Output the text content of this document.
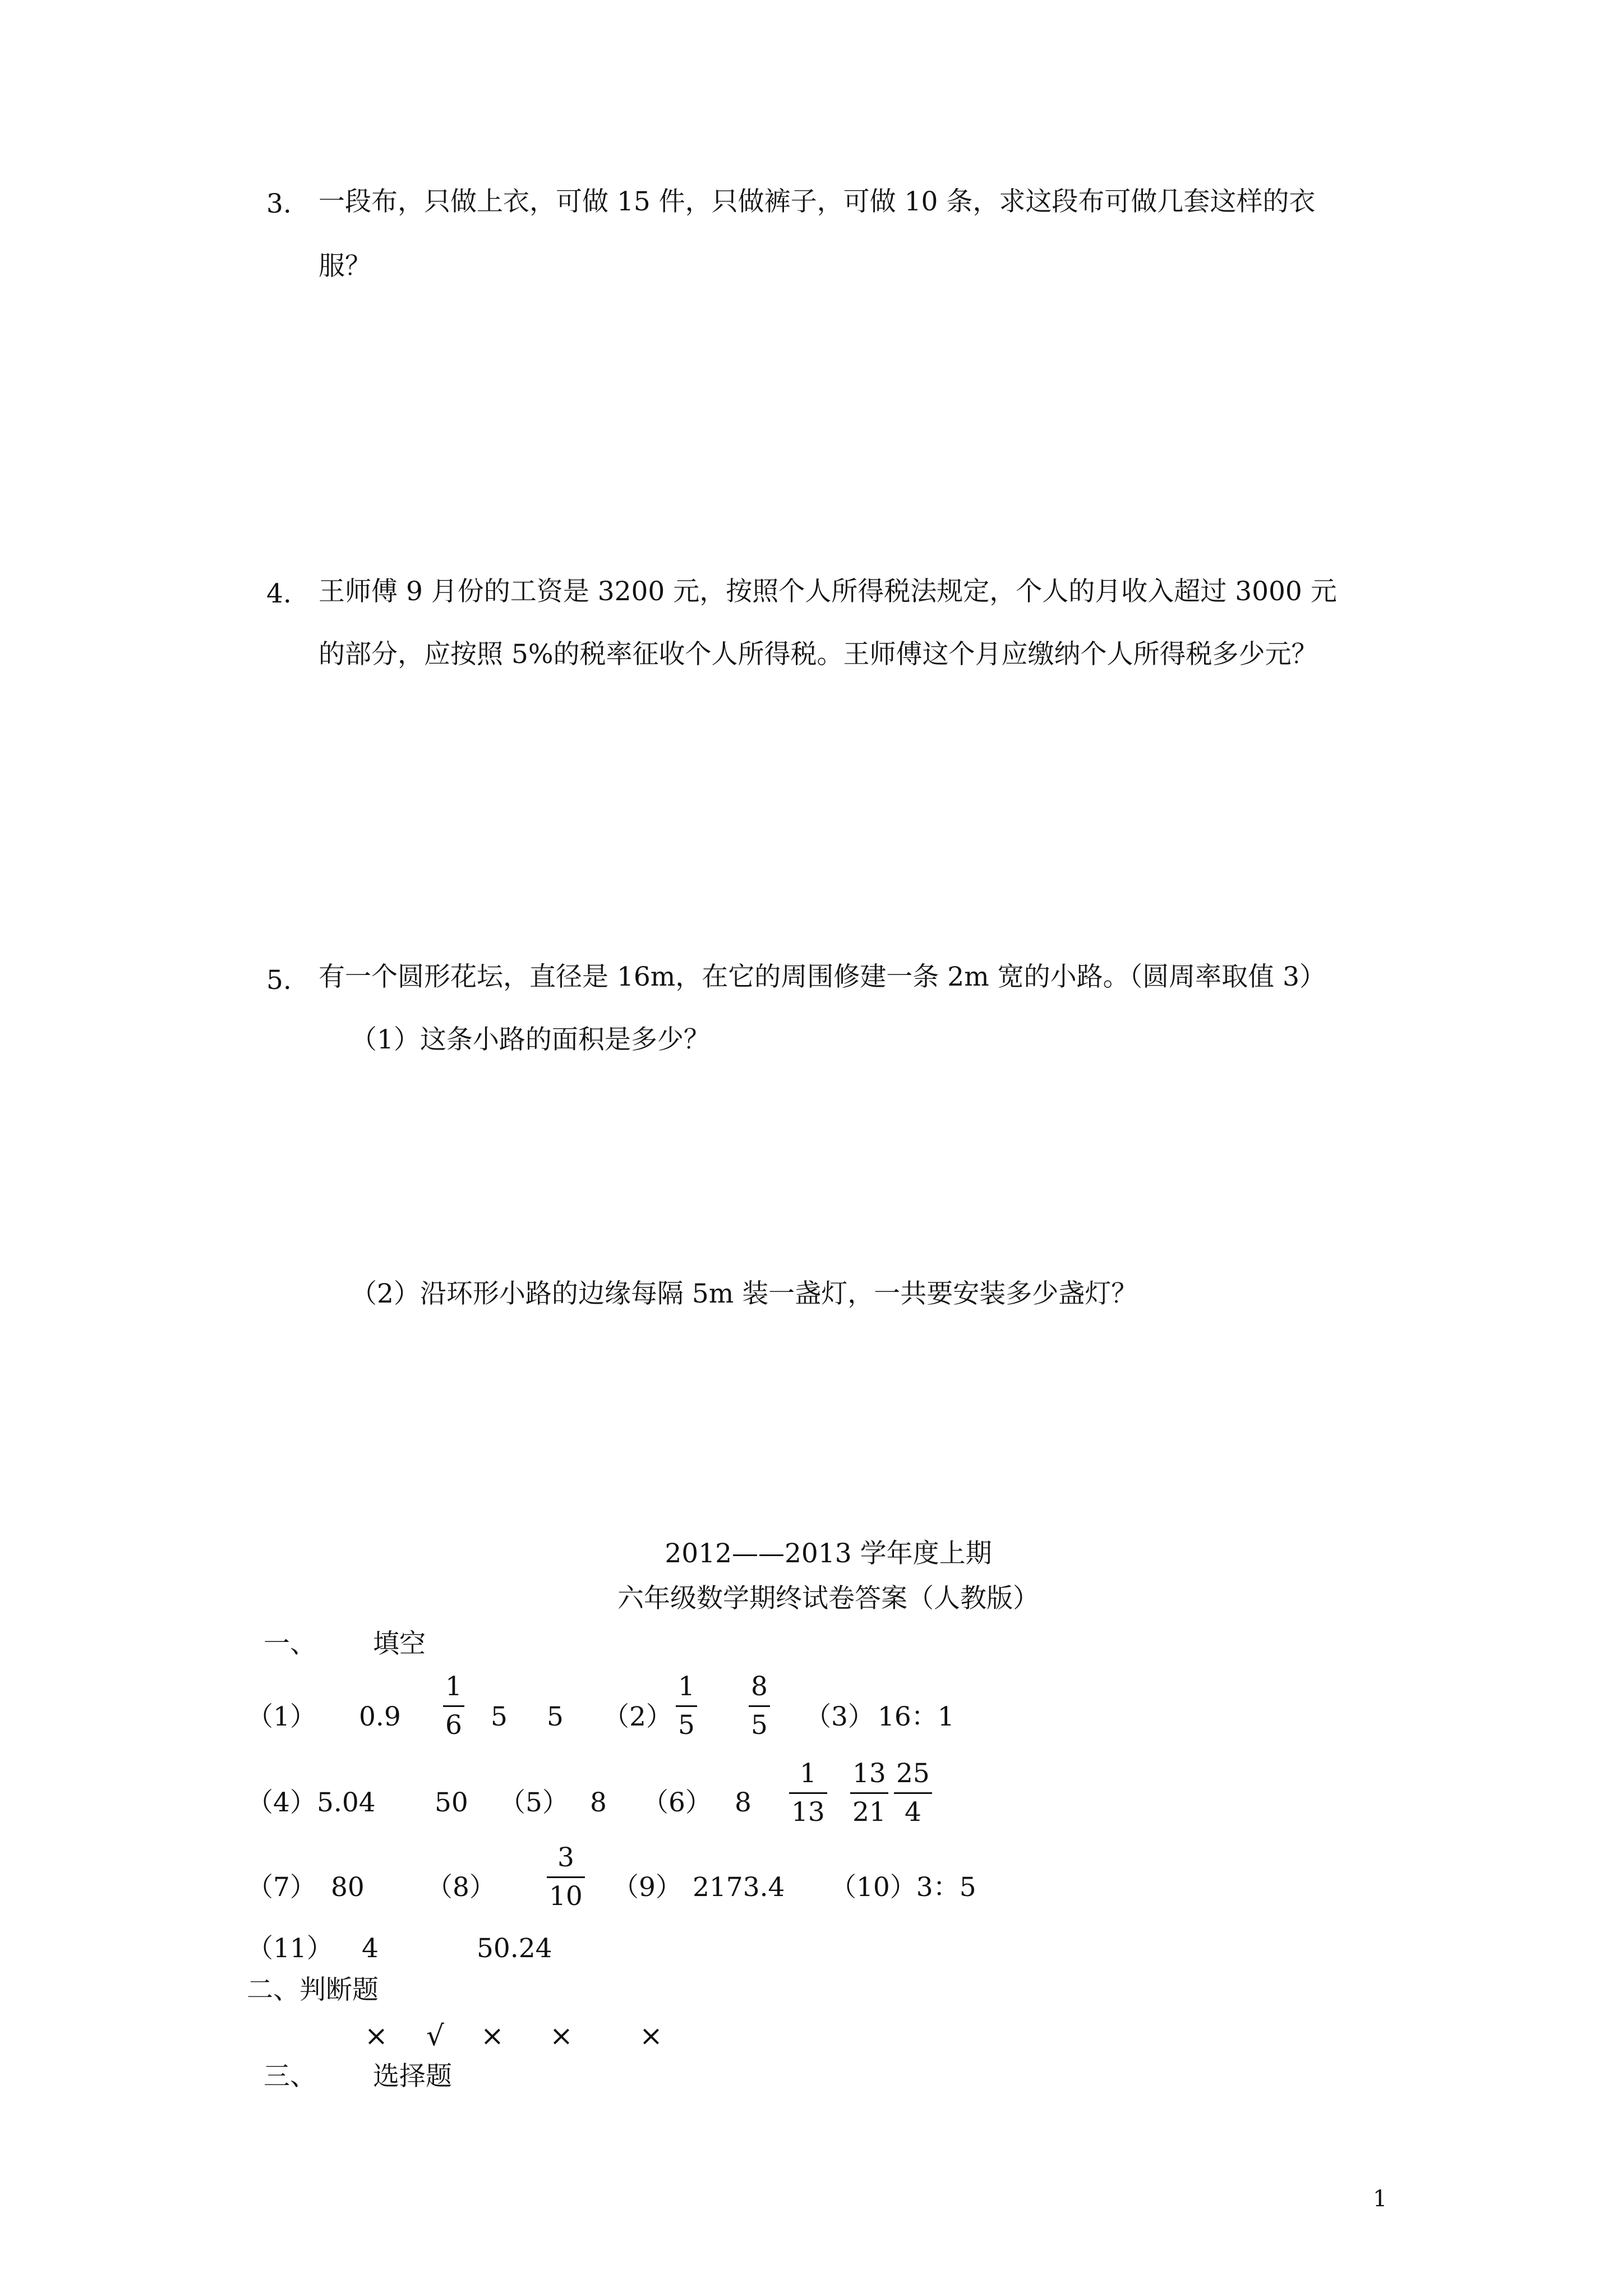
3. 一段布，只做上衣，可做 15 件，只做裤子，可做 10 条，求这段布可做几套这样的衣
服？
4. 王师傅 9 月份的工资是 3200 元，按照个人所得税法规定，个人的月收入超过 3000 元
的部分，应按照 5%的税率征收个人所得税。王师傅这个月应缴纳个人所得税多少元？
5. 有一个圆形花坛，直径是 16m，在它的周围修建一条 2m 宽的小路。（圆周率取值 3）
（1）这条小路的面积是多少？
（2）沿环形小路的边缘每隔 5m 装一盏灯，一共要安装多少盏灯？
2012——2013 学年度上期
六年级数学期终试卷答案（人教版）
一、 填空
（1） 0.9
1
6 5 5 （2）
1
5
8
5 （3） 16：1
（4） 5.04 50 （5） 8 （6） 8
1
13
13
21
25
4
（7） 80 （8）
3
10 （9） 2173.4 （10）3：5
（11） 4	50.24
二、判断题
× √ × × ×
三、 选择题
1
